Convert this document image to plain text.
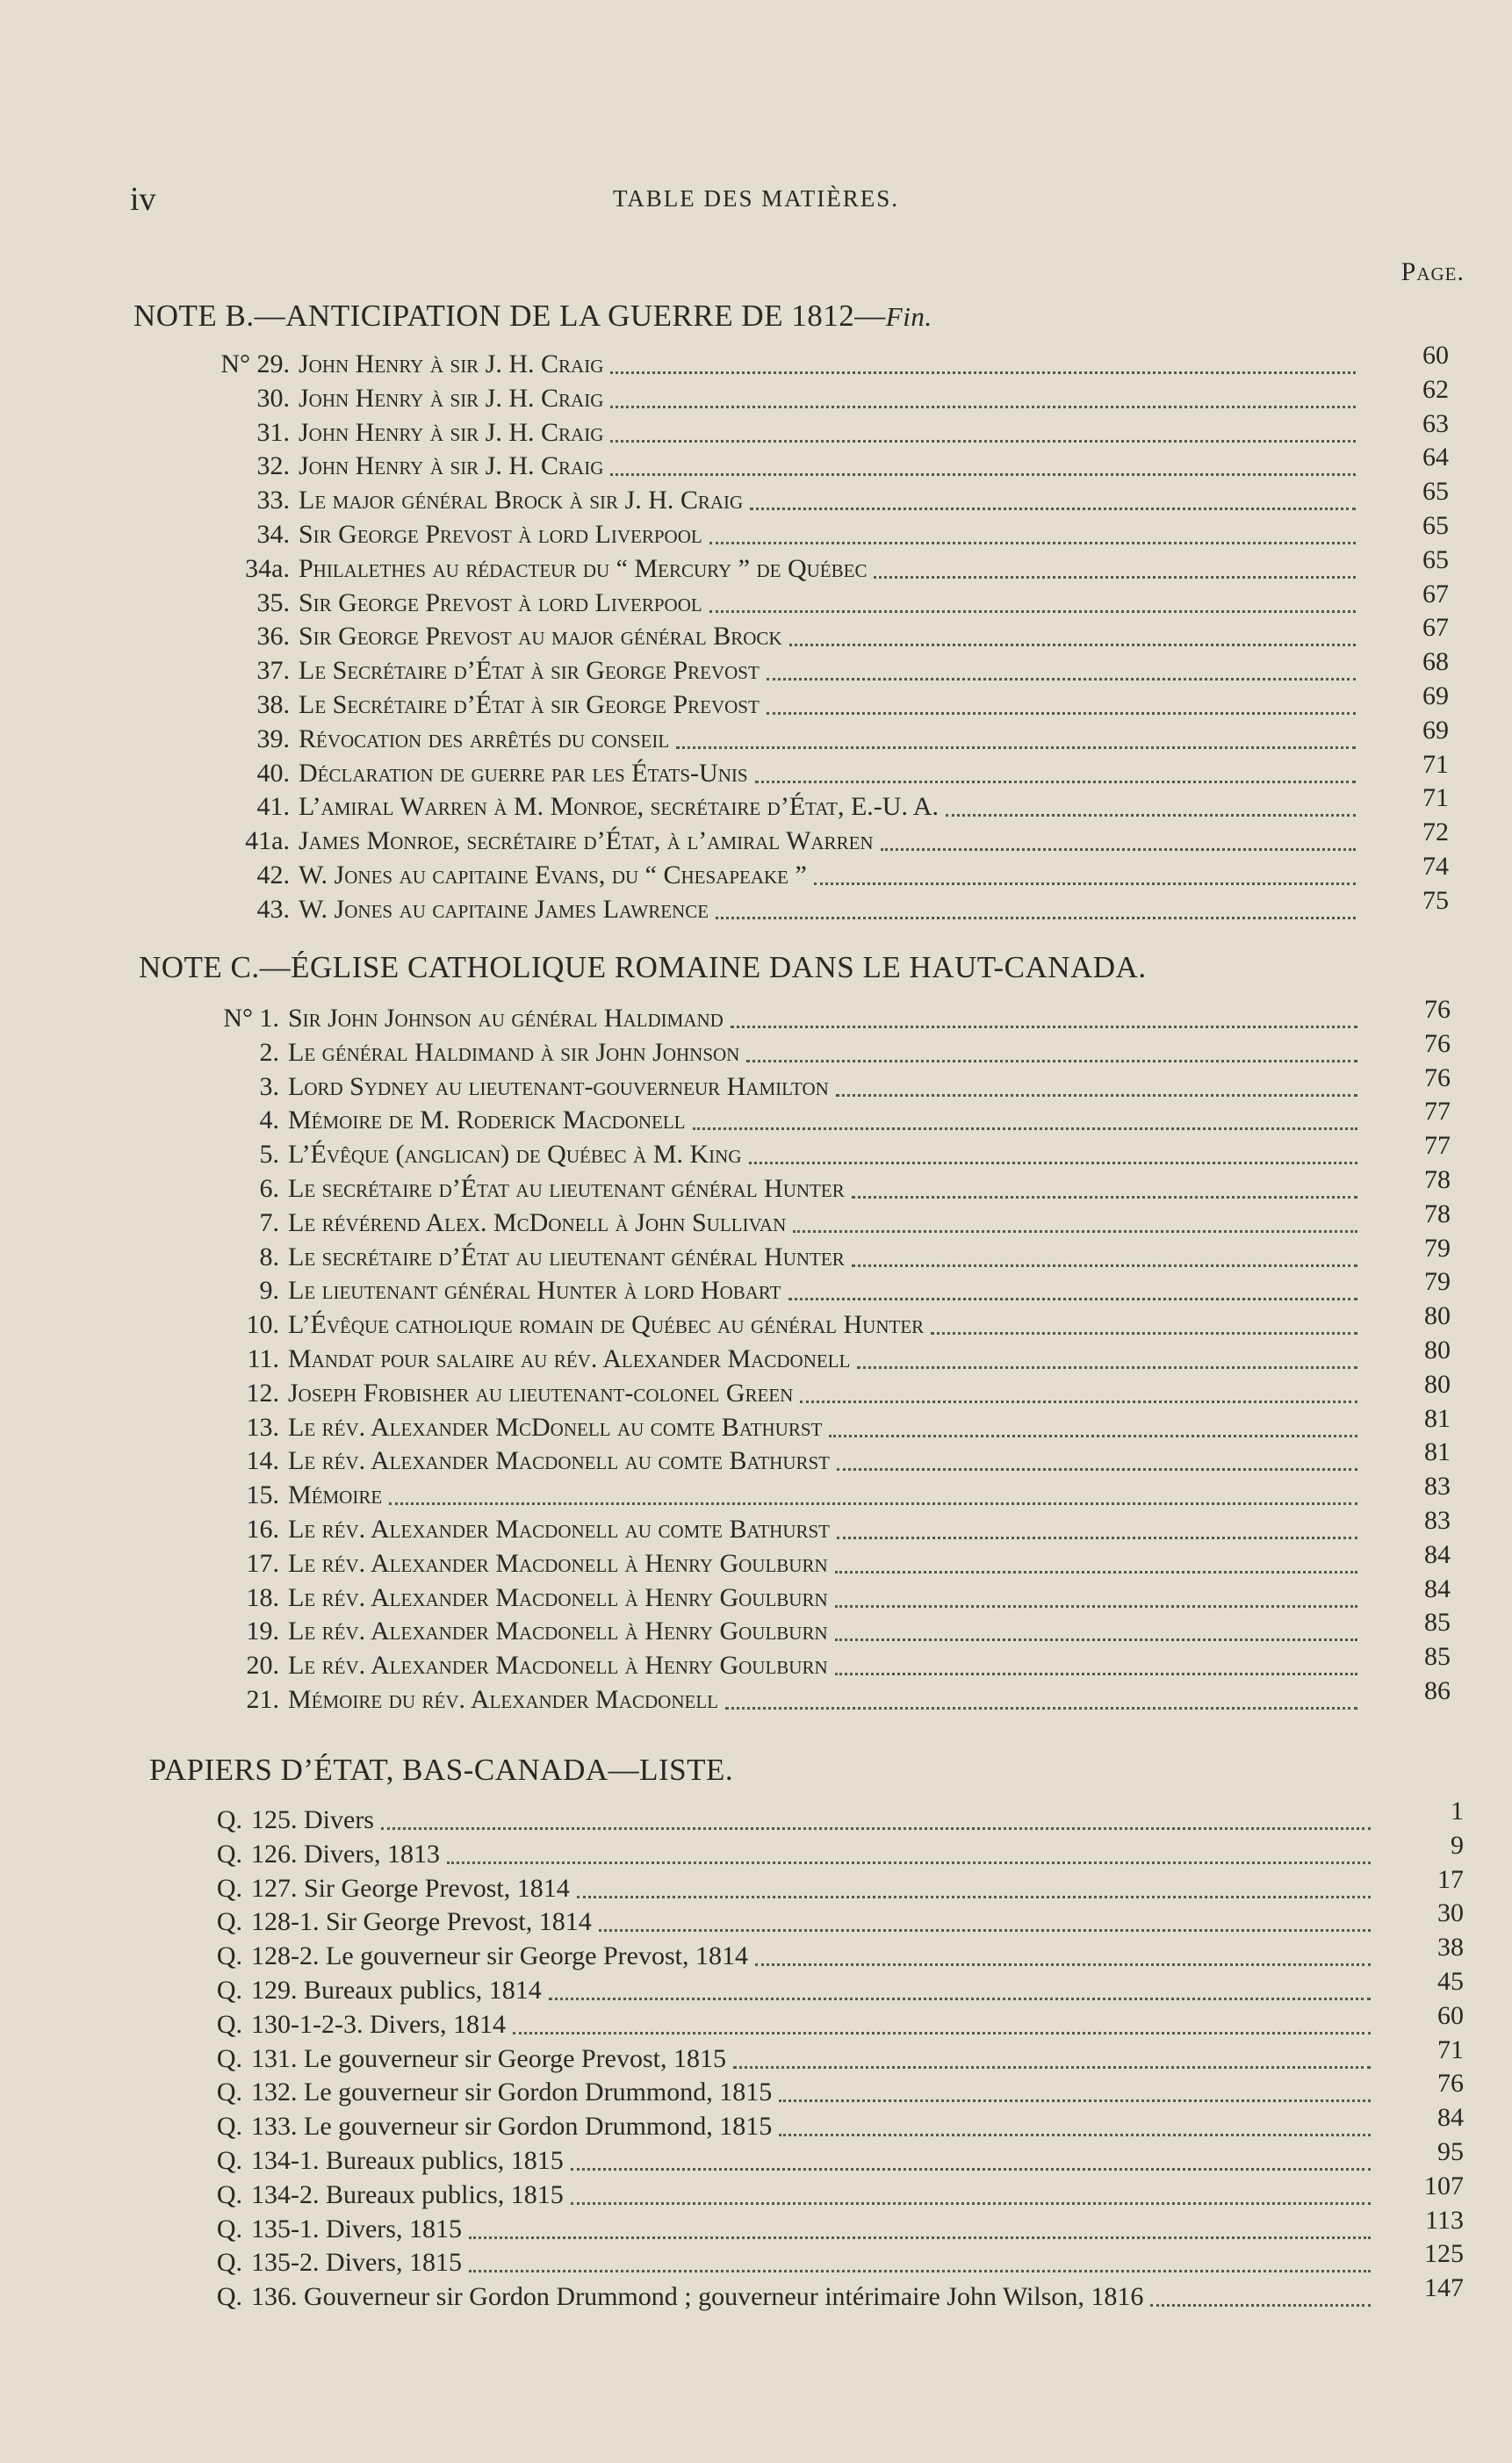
iv	TABLE DES MATIÈRES.
Page.
NOTE B.—ANTICIPATION DE LA GUERRE DE 1812—Fin.
N° 29. John Henry à sir J. H. Craig	60
30. John Henry à sir J. H. Craig	62
31. John Henry à sir J. H. Craig	63
32. John Henry à sir J. H. Craig	64
33. Le major général Brock à sir J. H. Craig	65
34. Sir George Prevost à lord Liverpool	65
34a. Philalethes au rédacteur du “ Mercury ” de Québec	65
35. Sir George Prevost à lord Liverpool	67
36. Sir George Prevost au major général Brock	67
37. Le Secrétaire d’État à sir George Prevost	68
38. Le Secrétaire d’État à sir George Prevost	69
39. Révocation des arrêtés du conseil	69
40. Déclaration de guerre par les États-Unis	71
41. L’amiral Warren à M. Monroe, secrétaire d’État, E.-U. A.	71
41a. James Monroe, secrétaire d’État, à l’amiral Warren	72
42. W. Jones au capitaine Evans, du “ Chesapeake ”	74
43. W. Jones au capitaine James Lawrence	75
NOTE C.—ÉGLISE CATHOLIQUE ROMAINE DANS LE HAUT-CANADA.
N° 1. Sir John Johnson au général Haldimand	76
2. Le général Haldimand à sir John Johnson	76
3. Lord Sydney au lieutenant-gouverneur Hamilton	76
4. Mémoire de M. Roderick Macdonell	77
5. L’Évêque (anglican) de Québec à M. King	77
6. Le secrétaire d’État au lieutenant général Hunter	78
7. Le révérend Alex. McDonell à John Sullivan	78
8. Le secrétaire d’État au lieutenant général Hunter	79
9. Le lieutenant général Hunter à lord Hobart	79
10. L’Évêque catholique romain de Québec au général Hunter	80
11. Mandat pour salaire au rév. Alexander Macdonell	80
12. Joseph Frobisher au lieutenant-colonel Green	80
13. Le rév. Alexander McDonell au comte Bathurst	81
14. Le rév. Alexander Macdonell au comte Bathurst	81
15. Mémoire	83
16. Le rév. Alexander Macdonell au comte Bathurst	83
17. Le rév. Alexander Macdonell à Henry Goulburn	84
18. Le rév. Alexander Macdonell à Henry Goulburn	84
19. Le rév. Alexander Macdonell à Henry Goulburn	85
20. Le rév. Alexander Macdonell à Henry Goulburn	85
21. Mémoire du rév. Alexander Macdonell	86
PAPIERS D’ÉTAT, BAS-CANADA—LISTE.
Q. 125. Divers	1
Q. 126. Divers, 1813	9
Q. 127. Sir George Prevost, 1814	17
Q. 128-1. Sir George Prevost, 1814	30
Q. 128-2. Le gouverneur sir George Prevost, 1814	38
Q. 129. Bureaux publics, 1814	45
Q. 130-1-2-3. Divers, 1814	60
Q. 131. Le gouverneur sir George Prevost, 1815	71
Q. 132. Le gouverneur sir Gordon Drummond, 1815	76
Q. 133. Le gouverneur sir Gordon Drummond, 1815	84
Q. 134-1. Bureaux publics, 1815	95
Q. 134-2. Bureaux publics, 1815	107
Q. 135-1. Divers, 1815	113
Q. 135-2. Divers, 1815	125
Q. 136. Gouverneur sir Gordon Drummond ; gouverneur intérimaire John Wilson, 1816	147
